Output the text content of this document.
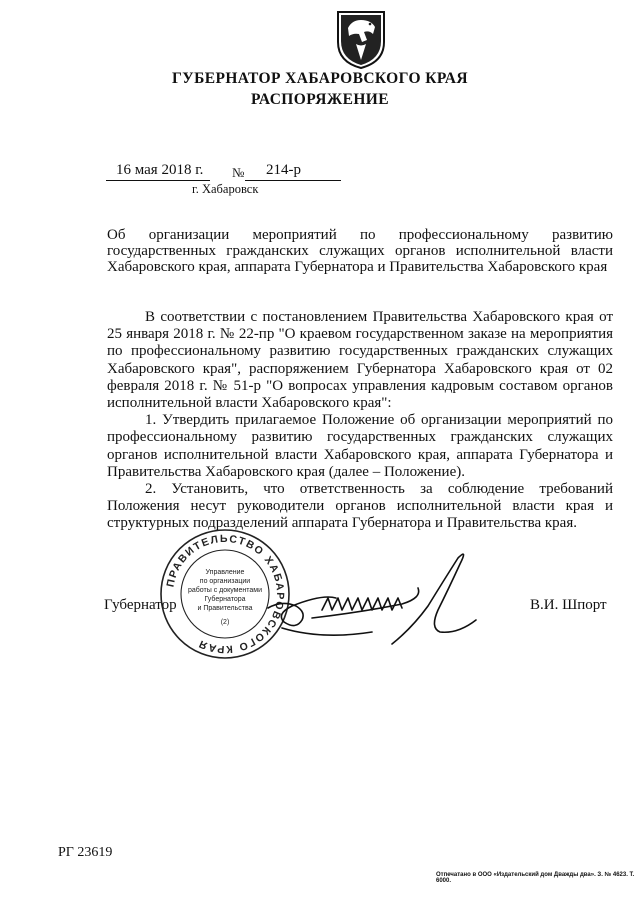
ГУБЕРНАТОР ХАБАРОВСКОГО КРАЯ
РАСПОРЯЖЕНИЕ
16 мая 2018 г. № 214-р
г. Хабаровск
Об организации мероприятий по профессиональному развитию государственных гражданских служащих органов исполнительной власти Хабаровского края, аппарата Губернатора и Правительства Хабаровского края

В соответствии с постановлением Правительства Хабаровского края от 25 января 2018 г. № 22-пр "О краевом государственном заказе на мероприятия по профессиональному развитию государственных гражданских служащих Хабаровского края", распоряжением Губернатора Хабаровского края от 02 февраля 2018 г. № 51-р "О вопросах управления кадровым составом органов исполнительной власти Хабаровского края":

1. Утвердить прилагаемое Положение об организации мероприятий по профессиональному развитию государственных гражданских служащих органов исполнительной власти Хабаровского края, аппарата Губернатора и Правительства Хабаровского края (далее – Положение).

2. Установить, что ответственность за соблюдение требований Положения несут руководители органов исполнительной власти края и структурных подразделений аппарата Губернатора и Правительства края.

Губернатор
ПРАВИТЕЛЬСТВО ХАБАРОВСКОГО КРАЯ
Управление
по организации
работы с документами
Губернатора
и Правительства
(2)
В.И. Шпорт
РГ 23619
Отпечатано в ООО «Издательский дом Дважды два». З. № 4623. Т. 6000.
